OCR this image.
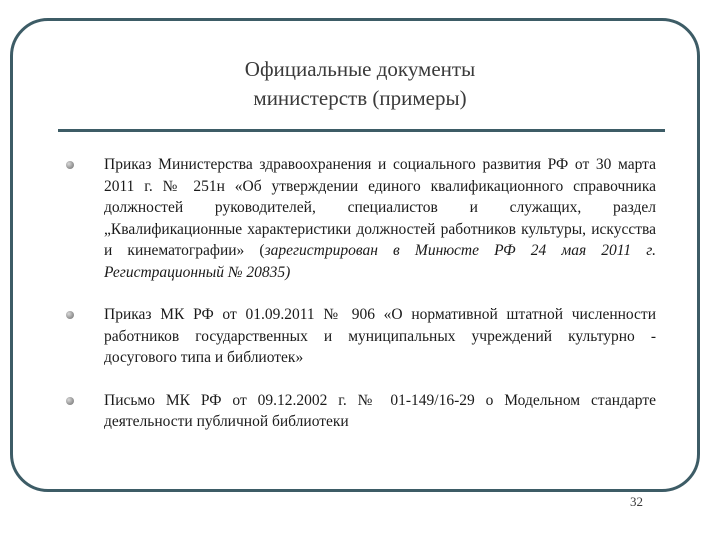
Официальные документы
министерств (примеры)
Приказ Министерства здравоохранения и социального развития РФ от 30 марта 2011 г. № 251н «Об утверждении единого квалификационного справочника должностей руководителей, специалистов и служащих, раздел „Квалификационные характеристики должностей работников культуры, искусства и кинематографии» (зарегистрирован в Минюсте РФ 24 мая 2011 г. Регистрационный № 20835)
Приказ МК РФ от 01.09.2011 № 906 «О нормативной штатной численности работников государственных и муниципальных учреждений культурно - досугового типа и библиотек»
Письмо МК РФ от 09.12.2002 г. № 01-149/16-29 о Модельном стандарте деятельности публичной библиотеки
32
